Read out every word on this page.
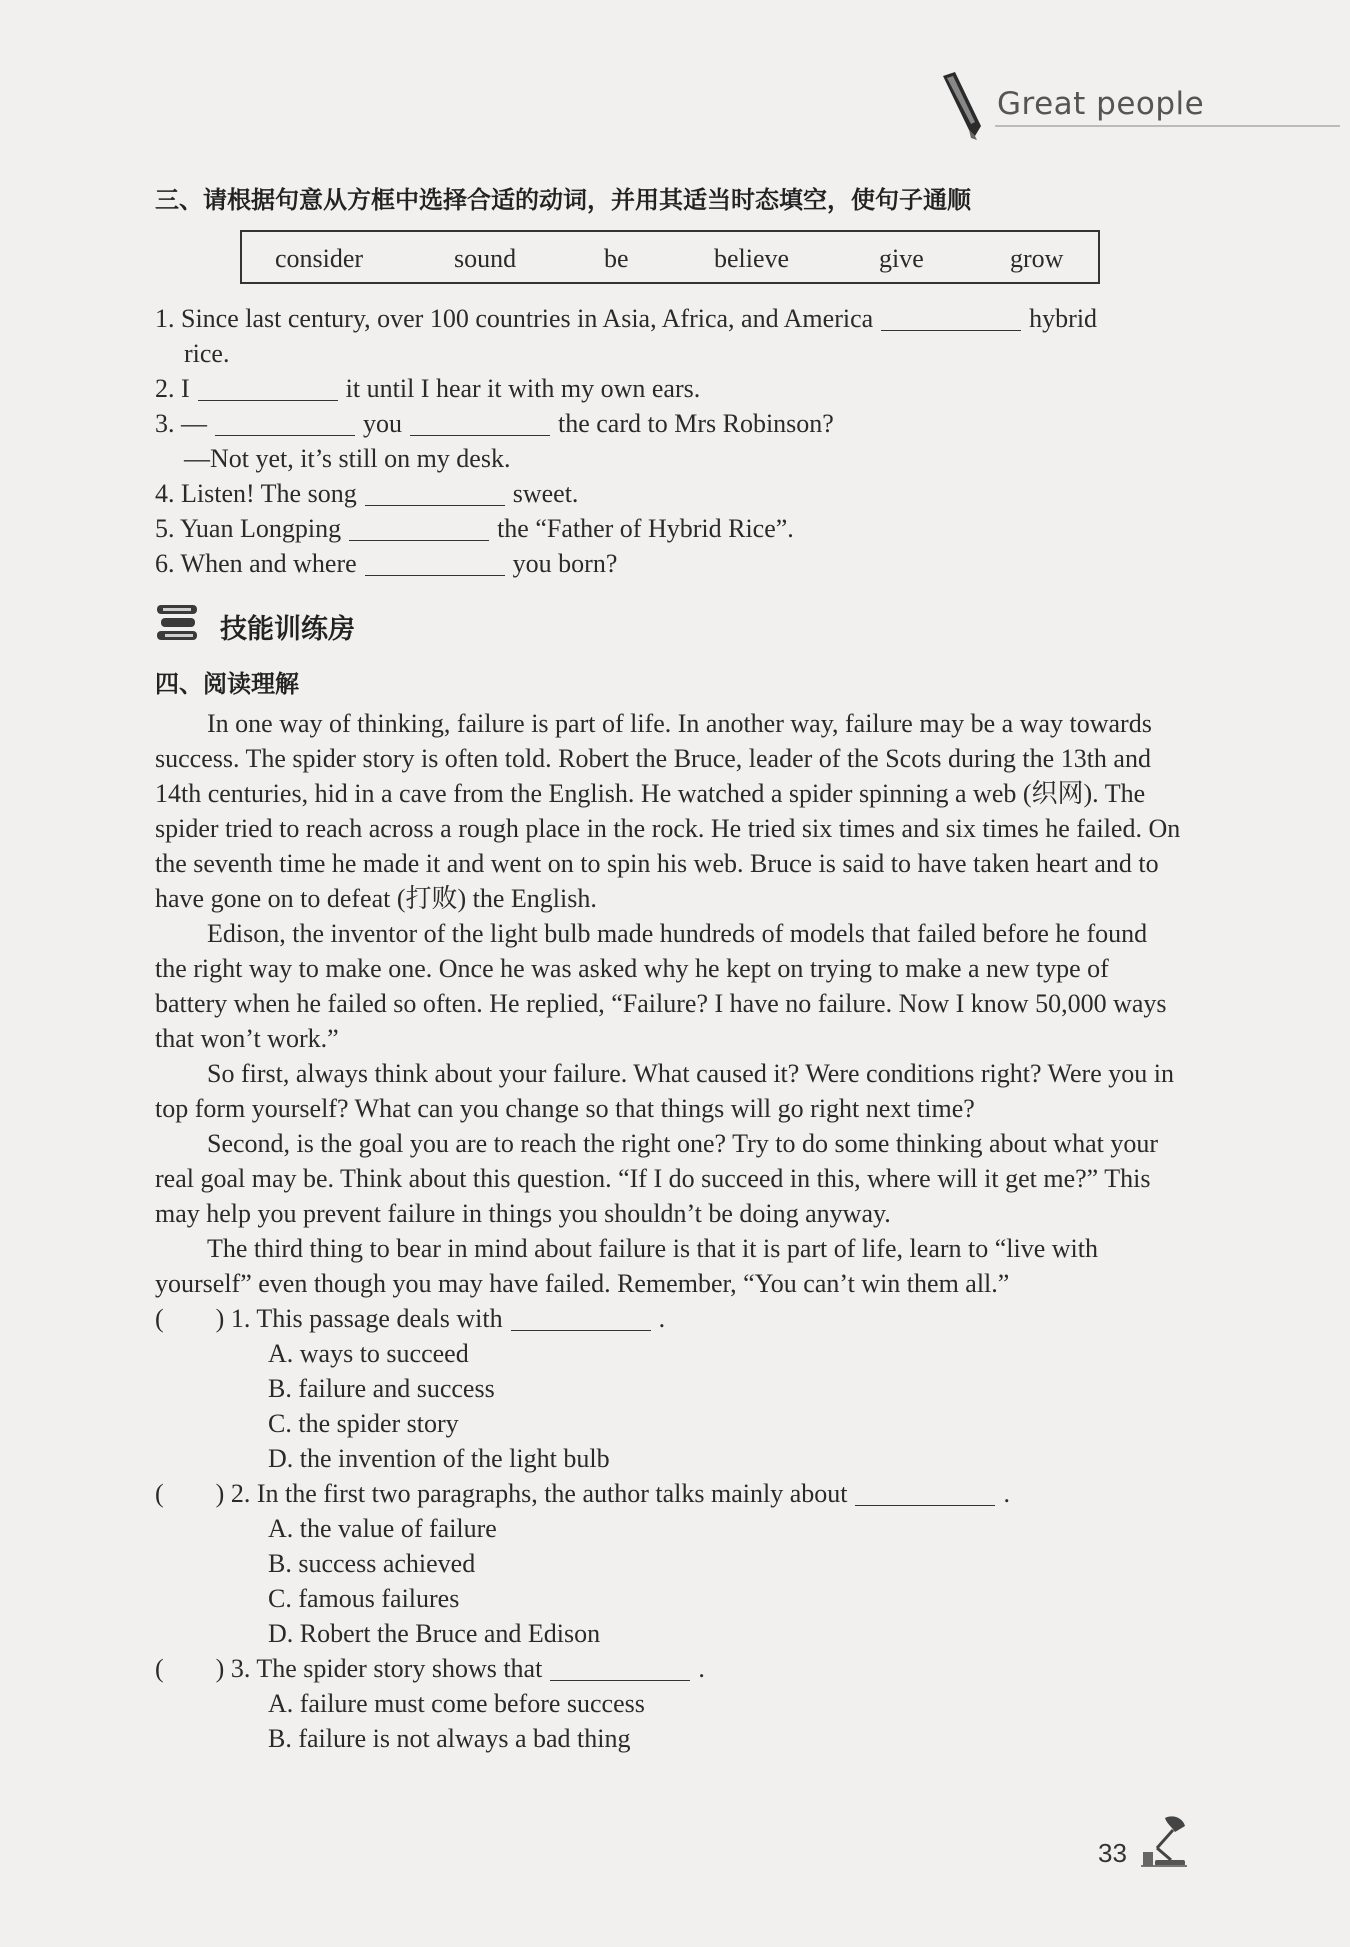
Great people
三、请根据句意从方框中选择合适的动词，并用其适当时态填空，使句子通顺
consider	sound	be	believe	give	grow
1. Since last century, over 100 countries in Asia, Africa, and America	hybrid
rice.
2. I	it until I hear it with my own ears.
3. —	you	the card to Mrs Robinson?
—Not yet, it’s still on my desk.
4. Listen! The song	sweet.
5. Yuan Longping	the “Father of Hybrid Rice”.
6. When and where	you born?
技能训练房
四、阅读理解
In one way of thinking, failure is part of life. In another way, failure may be a way towards success. The spider story is often told. Robert the Bruce, leader of the Scots during the 13th and 14th centuries, hid in a cave from the English. He watched a spider spinning a web (织网). The spider tried to reach across a rough place in the rock. He tried six times and six times he failed. On the seventh time he made it and went on to spin his web. Bruce is said to have taken heart and to have gone on to defeat (打败) the English.
Edison, the inventor of the light bulb made hundreds of models that failed before he found the right way to make one. Once he was asked why he kept on trying to make a new type of battery when he failed so often. He replied, “Failure? I have no failure. Now I know 50,000 ways that won’t work.”
So first, always think about your failure. What caused it? Were conditions right? Were you in top form yourself? What can you change so that things will go right next time?
Second, is the goal you are to reach the right one? Try to do some thinking about what your real goal may be. Think about this question. “If I do succeed in this, where will it get me?” This may help you prevent failure in things you shouldn’t be doing anyway.
The third thing to bear in mind about failure is that it is part of life, learn to “live with yourself” even though you may have failed. Remember, “You can’t win them all.”
( ) 1. This passage deals with	.
A. ways to succeed
B. failure and success
C. the spider story
D. the invention of the light bulb
( ) 2. In the first two paragraphs, the author talks mainly about	.
A. the value of failure
B. success achieved
C. famous failures
D. Robert the Bruce and Edison
( ) 3. The spider story shows that	.
A. failure must come before success
B. failure is not always a bad thing
33
